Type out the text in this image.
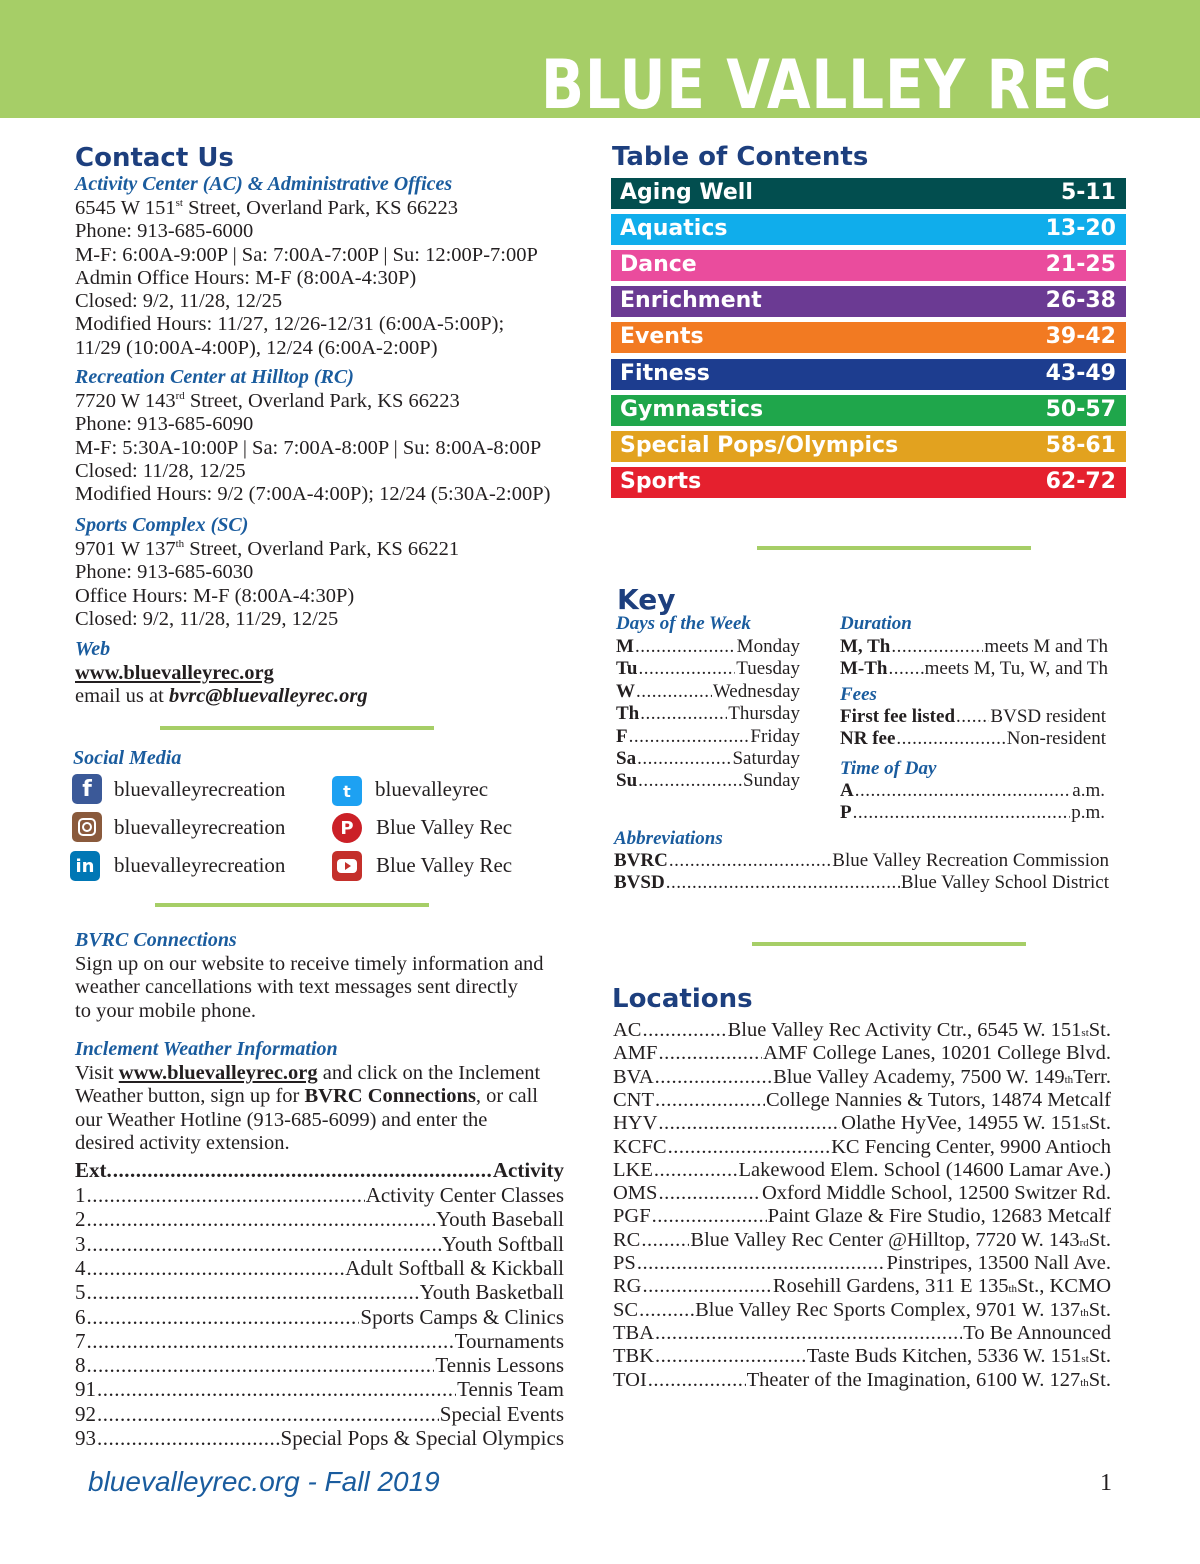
BLUE VALLEY REC
Contact Us
Activity Center (AC) & Administrative Offices
6545 W 151st Street, Overland Park, KS 66223
Phone: 913-685-6000
M-F: 6:00A-9:00P | Sa: 7:00A-7:00P | Su: 12:00P-7:00P
Admin Office Hours: M-F (8:00A-4:30P)
Closed: 9/2, 11/28, 12/25
Modified Hours: 11/27, 12/26-12/31 (6:00A-5:00P);
11/29 (10:00A-4:00P), 12/24 (6:00A-2:00P)
Recreation Center at Hilltop (RC)
7720 W 143rd Street, Overland Park, KS 66223
Phone: 913-685-6090
M-F: 5:30A-10:00P | Sa: 7:00A-8:00P | Su: 8:00A-8:00P
Closed: 11/28, 12/25
Modified Hours: 9/2 (7:00A-4:00P); 12/24 (5:30A-2:00P)
Sports Complex (SC)
9701 W 137th Street, Overland Park, KS 66221
Phone: 913-685-6030
Office Hours: M-F (8:00A-4:30P)
Closed: 9/2, 11/28, 11/29, 12/25
Web
www.bluevalleyrec.org
email us at bvrc@bluevalleyrec.org
Social Media
f	bluevalleyrecreation	t	bluevalleyrec
bluevalleyrecreation	P	Blue Valley Rec
in bluevalleyrecreation	Blue Valley Rec
BVRC Connections
Sign up on our website to receive timely information and
weather cancellations with text messages sent directly
to your mobile phone.
Inclement Weather Information
Visit www.bluevalleyrec.org and click on the Inclement
Weather button, sign up for BVRC Connections, or call
our Weather Hotline (913-685-6099) and enter the
desired activity extension.
Ext. .....	Activity
1 .....	Activity Center Classes
2 .....	Youth Baseball
3 .....	Youth Softball
4 .....	Adult Softball & Kickball
5 .....	Youth Basketball
6 .....	Sports Camps & Clinics
7 .....	Tournaments
8 .....	Tennis Lessons
91 .....	Tennis Team
92 .....	Special Events
93 .....	Special Pops & Special Olympics
bluevalleyrec.org - Fall 2019	1
Table of Contents
Aging Well	5-11
Aquatics	13-20
Dance	21-25
Enrichment	26-38
Events	39-42
Fitness	43-49
Gymnastics	50-57
Special Pops/Olympics	58-61
Sports	62-72
Key
Days of the Week
M .....	Monday
Tu .....	Tuesday
W .....	Wednesday
Th .....	Thursday
F .....	Friday
Sa .....	Saturday
Su .....	Sunday
Duration
M, Th .....	meets M and Th
M-Th ..... meets M, Tu, W, and Th
Fees
First fee listed ..... BVSD resident
NR fee .....	Non-resident
Time of Day
A .....	a.m.
P .....	p.m.
Abbreviations
BVRC .....	Blue Valley Recreation Commission
BVSD .....	Blue Valley School District
Locations
AC .....	Blue Valley Rec Activity Ctr., 6545 W. 151 st St.
AMF .....	AMF College Lanes, 10201 College Blvd.
BVA .....	Blue Valley Academy, 7500 W. 149 th Terr.
CNT .....	College Nannies & Tutors, 14874 Metcalf
HYV .....	Olathe HyVee, 14955 W. 151 st St.
KCFC .....	KC Fencing Center, 9900 Antioch
LKE .....	Lakewood Elem. School (14600 Lamar Ave.)
OMS .....	Oxford Middle School, 12500 Switzer Rd.
PGF .....	Paint Glaze & Fire Studio, 12683 Metcalf
RC ..... Blue Valley Rec Center @Hilltop, 7720 W. 143 rd St.
PS .....	Pinstripes, 13500 Nall Ave.
RG .....	Rosehill Gardens, 311 E 135 th St., KCMO
SC .....	Blue Valley Rec Sports Complex, 9701 W. 137 th St.
TBA .....	To Be Announced
TBK .....	Taste Buds Kitchen, 5336 W. 151 st St.
TOI .....	Theater of the Imagination, 6100 W. 127 th St.
